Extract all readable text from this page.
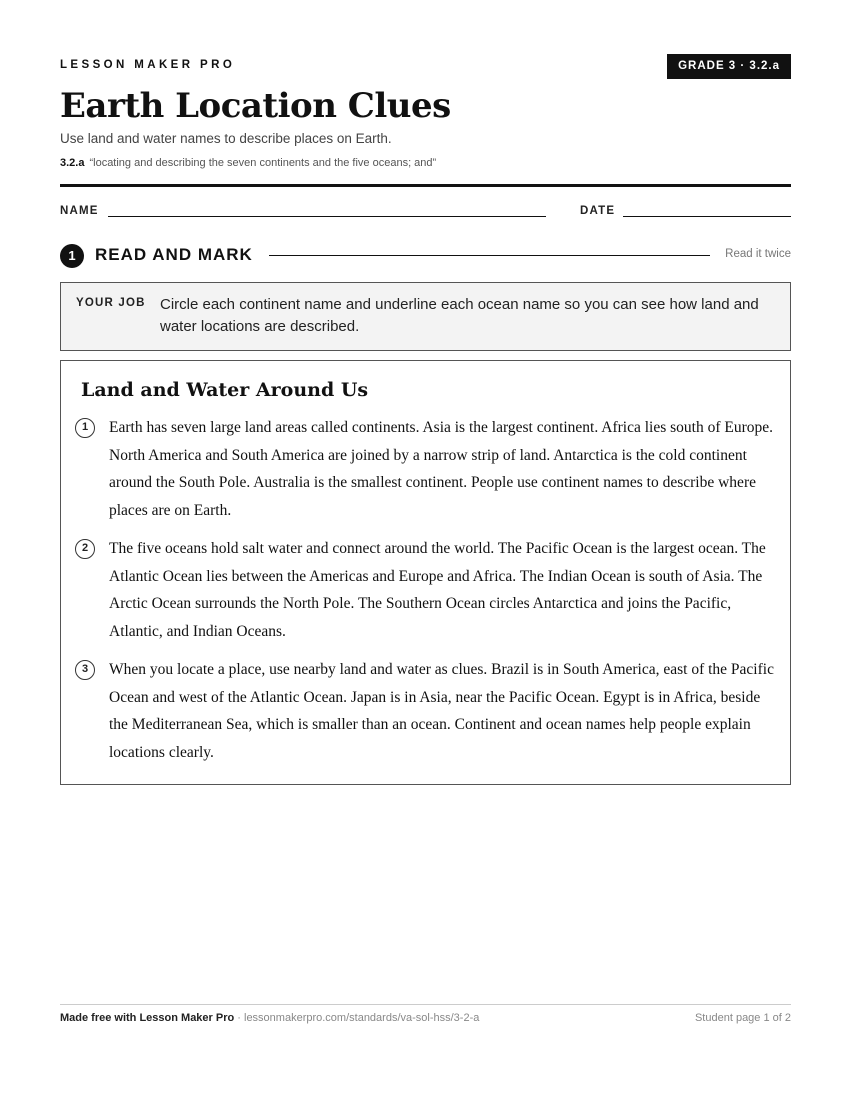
LESSON MAKER PRO	GRADE 3 · 3.2.a
Earth Location Clues
Use land and water names to describe places on Earth.
3.2.a “locating and describing the seven continents and the five oceans; and”
NAME	DATE
1	READ AND MARK	Read it twice
YOUR JOB Circle each continent name and underline each ocean name so you can see how land and water locations are described.
Land and Water Around Us
1	Earth has seven large land areas called continents. Asia is the largest continent. Africa lies south of Europe. North America and South America are joined by a narrow strip of land. Antarctica is the cold continent around the South Pole. Australia is the smallest continent. People use continent names to describe where places are on Earth.
2	The five oceans hold salt water and connect around the world. The Pacific Ocean is the largest ocean. The Atlantic Ocean lies between the Americas and Europe and Africa. The Indian Ocean is south of Asia. The Arctic Ocean surrounds the North Pole. The Southern Ocean circles Antarctica and joins the Pacific, Atlantic, and Indian Oceans.
3	When you locate a place, use nearby land and water as clues. Brazil is in South America, east of the Pacific Ocean and west of the Atlantic Ocean. Japan is in Asia, near the Pacific Ocean. Egypt is in Africa, beside the Mediterranean Sea, which is smaller than an ocean. Continent and ocean names help people explain locations clearly.
Made free with Lesson Maker Pro · lessonmakerpro.com/standards/va-sol-hss/3-2-a	Student page 1 of 2
